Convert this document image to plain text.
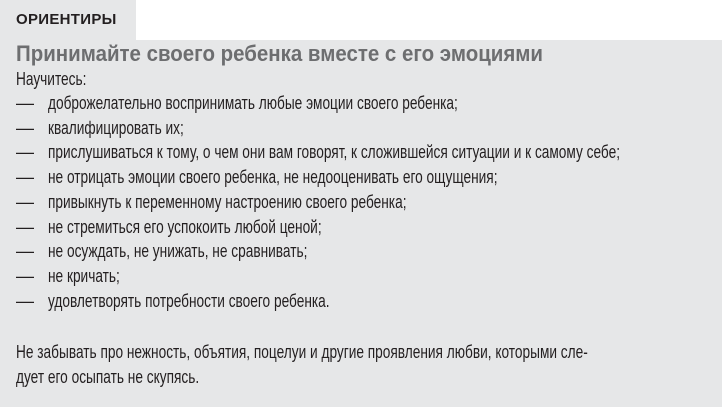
ОРИЕНТИРЫ
Принимайте своего ребенка вместе с его эмоциями
Научитесь:
— доброжелательно воспринимать любые эмоции своего ребенка;
— квалифицировать их;
— прислушиваться к тому, о чем они вам говорят, к сложившейся ситуации и к самому себе;
— не отрицать эмоции своего ребенка, не недооценивать его ощущения;
— привыкнуть к переменному настроению своего ребенка;
— не стремиться его успокоить любой ценой;
— не осуждать, не унижать, не сравнивать;
— не кричать;
— удовлетворять потребности своего ребенка.
Не забывать про нежность, объятия, поцелуи и другие проявления любви, которыми сле-
дует его осыпать не скупясь.
